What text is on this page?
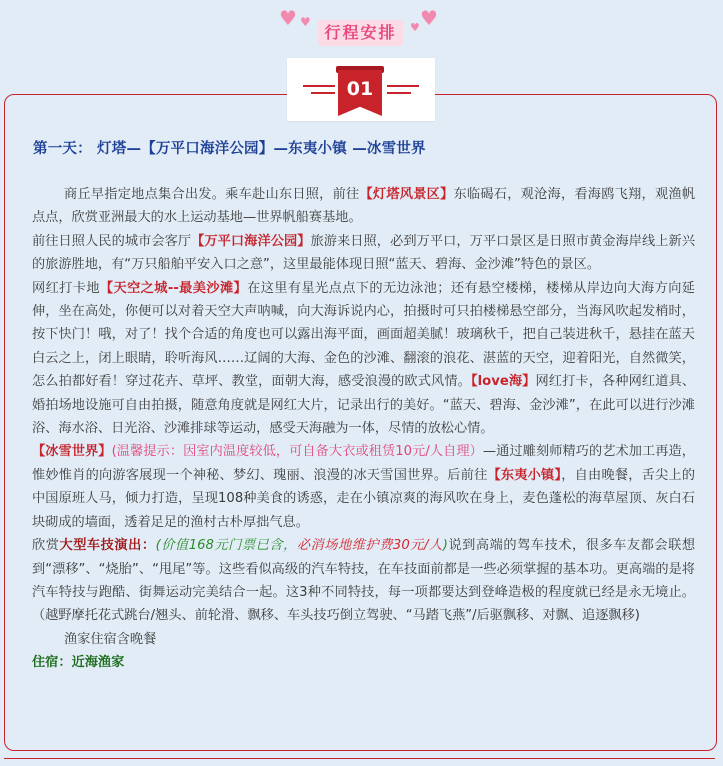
♥ ♥	♥
♥
行程安排
01
第一天： 灯塔—【万平口海洋公园】—东夷小镇 —冰雪世界

商丘早指定地点集合出发。乘车赴山东日照，前往【灯塔风景区】东临碣石，观沧海，看海鸥飞翔，观渔帆点点，欣赏亚洲最大的水上运动基地—世界帆船赛基地。

前往日照人民的城市会客厅【万平口海洋公园】旅游来日照，必到万平口，万平口景区是日照市黄金海岸线上新兴的旅游胜地，有“万只船舶平安入口之意”，这里最能体现日照“蓝天、碧海、金沙滩”特色的景区。

网红打卡地【天空之城--最美沙滩】在这里有星光点点下的无边泳池；还有悬空楼梯，楼梯从岸边向大海方向延伸，坐在高处，你便可以对着天空大声呐喊，向大海诉说内心，拍摄时可只拍楼梯悬空部分，当海风吹起发梢时，按下快门！哦，对了！找个合适的角度也可以露出海平面，画面超美腻！玻璃秋千，把自己装进秋千，悬挂在蓝天白云之上，闭上眼睛，聆听海风……辽阔的大海、金色的沙滩、翻滚的浪花、湛蓝的天空，迎着阳光，自然微笑，怎么拍都好看！穿过花卉、草坪、教堂，面朝大海，感受浪漫的欧式风情。【love海】网红打卡，各种网红道具、婚拍场地设施可自由拍摄，随意角度就是网红大片，记录出行的美好。“蓝天、碧海、金沙滩”，在此可以进行沙滩浴、海水浴、日光浴、沙滩排球等运动，感受天海融为一体，尽情的放松心情。

【冰雪世界】(温馨提示：因室内温度较低，可自备大衣或租赁10元/人自理）—通过雕刻师精巧的艺术加工再造，惟妙惟肖的向游客展现一个神秘、梦幻、瑰丽、浪漫的冰天雪国世界。后前往【东夷小镇】，自由晚餐，舌尖上的中国原班人马，倾力打造，呈现108种美食的诱惑，走在小镇凉爽的海风吹在身上，麦色蓬松的海草屋顶、灰白石块砌成的墙面，透着足足的渔村古朴厚拙气息。

欣赏大型车技演出：(价值168元门票已含，必消场地维护费30元/人)说到高端的驾车技术，很多车友都会联想到“漂移”、“烧胎”、“甩尾”等。这些看似高级的汽车特技，在车技面前都是一些必须掌握的基本功。更高端的是将汽车特技与跑酷、街舞运动完美结合一起。这3种不同特技，每一项都要达到登峰造极的程度就已经是永无境止。（越野摩托花式跳台/翘头、前轮滑、飘移、车头技巧倒立驾驶、“马踏飞燕”/后驱飘移、对飘、追逐飘移)

渔家住宿含晚餐

住宿：近海渔家
